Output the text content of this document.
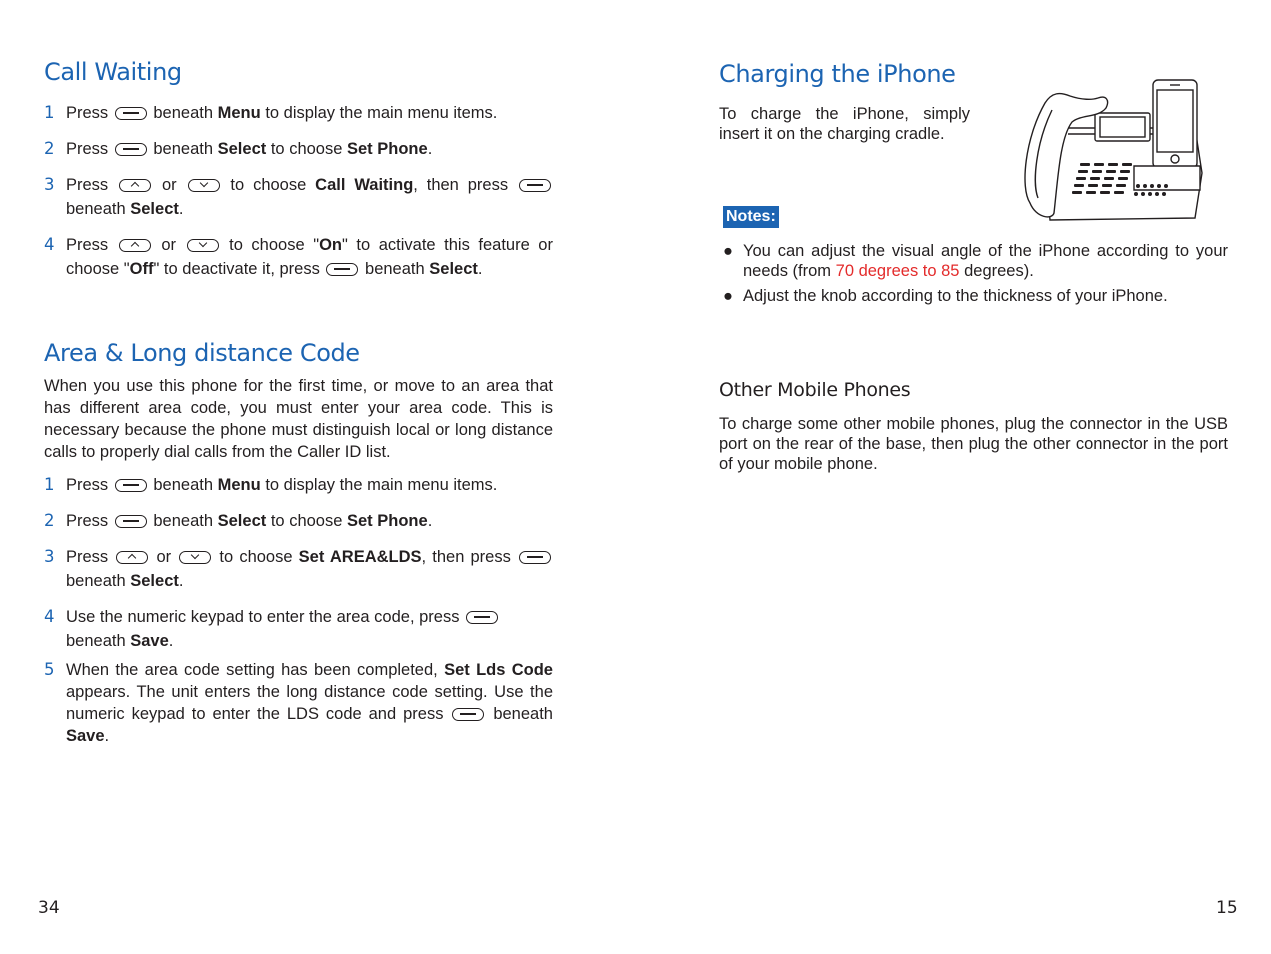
Call Waiting
1 Press	beneath Menu to display the main menu items.
2 Press	beneath Select to choose Set Phone.
3 Press	or	to choose Call Waiting, then press  beneath Select.
4 Press	or	to choose "On" to activate this feature or choose "Off" to deactivate it, press	beneath Select.
Area & Long distance Code
When you use this phone for the first time, or move to an area that has different area code, you must enter your area code. This is necessary because the phone must distinguish local or long distance calls to properly dial calls from the Caller ID list.
1 Press	beneath Menu to display the main menu items.
2 Press	beneath Select to choose Set Phone.
3 Press	or	to choose Set AREA&LDS, then press  beneath Select.
4 Use the numeric keypad to enter the area code, press
beneath Save.
5 When the area code setting has been completed, Set Lds Code appears. The unit enters the long distance code setting. Use the numeric keypad to enter the LDS code and press	beneath Save.
34
Charging the iPhone
To charge the iPhone, simply insert it on the charging cradle.
Notes:
● You can adjust the visual angle of the iPhone according to your needs (from 70 degrees to 85 degrees).
● Adjust the knob according to the thickness of your iPhone.
Other Mobile Phones
To charge some other mobile phones, plug the connector in the USB port on the rear of the base, then plug the other connector in the port of your mobile phone.
15
